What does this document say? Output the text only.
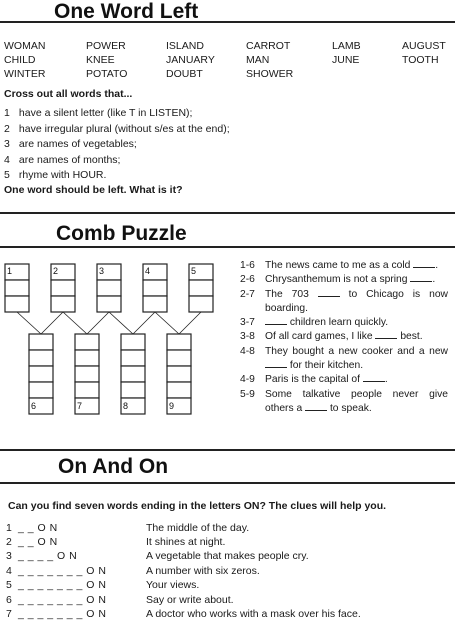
One Word Left
WOMAN	POWER	ISLAND	CARROT	LAMB	AUGUST
CHILD	KNEE	JANUARY	MAN	JUNE	TOOTH
WINTER	POTATO	DOUBT	SHOWER

Cross out all words that...

1 have a silent letter (like T in LISTEN);
2 have irregular plural (without s/es at the end);
3 are names of vegetables;
4 are names of months;
5 rhyme with HOUR.

One word should be left. What is it?

Comb Puzzle
1	2	3	4	5
6	7	8	9
1-6 The news came to me as a cold .
2-6 Chrysanthemum is not a spring .
2-7 The 703  to Chicago is now boarding.
3-7	children learn quickly.
3-8 Of all card games, I like  best.
4-8 They bought a new cooker and a new  for their kitchen.
4-9 Paris is the capital of .
5-9 Some talkative people never give others a  to speak.
On And On

Can you find seven words ending in the letters ON? The clues will help you.

1 _ _ O N	The middle of the day.
2 _ _ O N	It shines at night.
3 _ _ _ _ O N	A vegetable that makes people cry.
4 _ _ _ _ _ _ _ O N	A number with six zeros.
5 _ _ _ _ _ _ _ O N	Your views.
6 _ _ _ _ _ _ _ O N	Say or write about.
7 _ _ _ _ _ _ _ O N	A doctor who works with a mask over his face.
